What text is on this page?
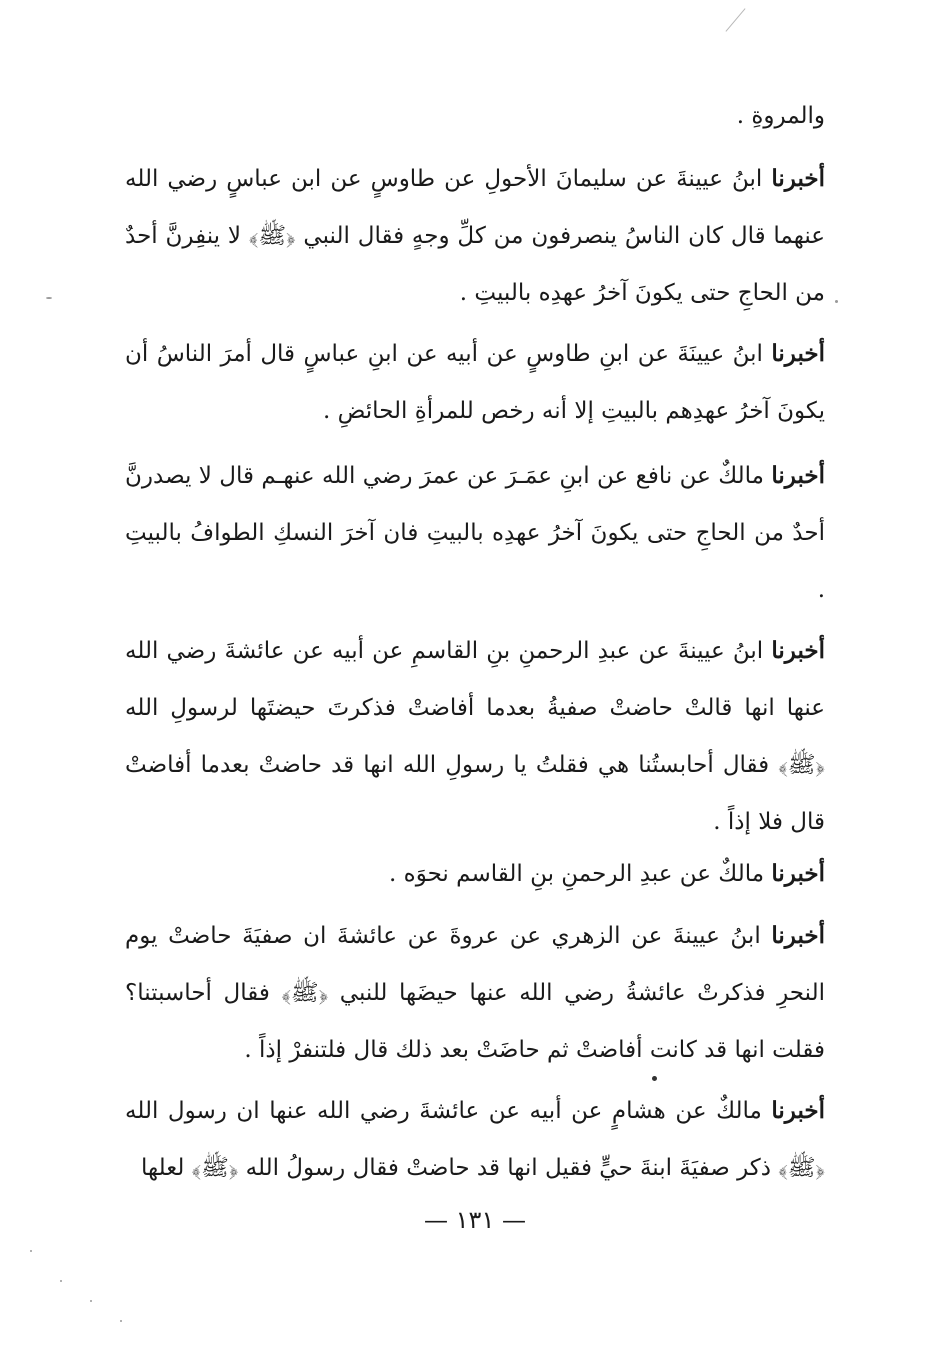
والمروةِ .

أخبرنا ابنُ عيينةَ عن سليمانَ الأحولِ عن طاوسٍ عن ابن عباسٍ رضي الله عنهما قال كان الناسُ ينصرفون من كلِّ وجهٍ فقال النبي ﴿ﷺ﴾ لا ينفِرنَّ أحدٌ من الحاجِ حتى يكونَ آخرُ عهدِه بالبيتِ .

أخبرنا ابنُ عيينَةَ عن ابنِ طاوسٍ عن أبيه عن ابنِ عباسٍ قال أمرَ الناسُ أن يكونَ آخرُ عهدِهم بالبيتِ إلا أنه رخص للمرأةِ الحائضِ .

أخبرنا مالكٌ عن نافع عن ابنِ عمَـرَ عن عمرَ رضي الله عنهـم قال لا يصدرنَّ أحدٌ من الحاجِ حتى يكونَ آخرُ عهدِه بالبيتِ فان آخرَ النسكِ الطوافُ بالبيتِ .

أخبرنا ابنُ عيينةَ عن عبدِ الرحمنِ بنِ القاسمِ عن أبيه عن عائشةَ رضي الله عنها انها قالتْ حاضتْ صفيةُ بعدما أفاضتْ فذكرتَ حيضتَها لرسولِ الله ﴿ﷺ﴾ فقال أحابستُنا هي فقلتُ يا رسولِ الله انها قد حاضتْ بعدما أفاضتْ قال فلا إذاً .

أخبرنا مالكٌ عن عبدِ الرحمنِ بنِ القاسم نحوَه .

أخبرنا ابنُ عيينةَ عن الزهري عن عروةَ عن عائشةَ ان صفيَةَ حاضتْ يوم النحرِ فذكرتْ عائشةُ رضي الله عنها حيضَها للنبي ﴿ﷺ﴾ فقال أحاسبتنا؟فقلت انها قد كانت أفاضتْ ثم حاضَتْ بعد ذلك قال فلتنفرْ إذاً .

أخبرنا مالكٌ عن هشامٍ عن أبيه عن عائشةَ رضي الله عنها ان رسول الله ﴿ﷺ﴾ ذكر صفيَةَ ابنةَ حيٍّ فقيل انها قد حاضتْ فقال رسولُ الله ﴿ﷺ﴾ لعلها

— ١٣١ —
